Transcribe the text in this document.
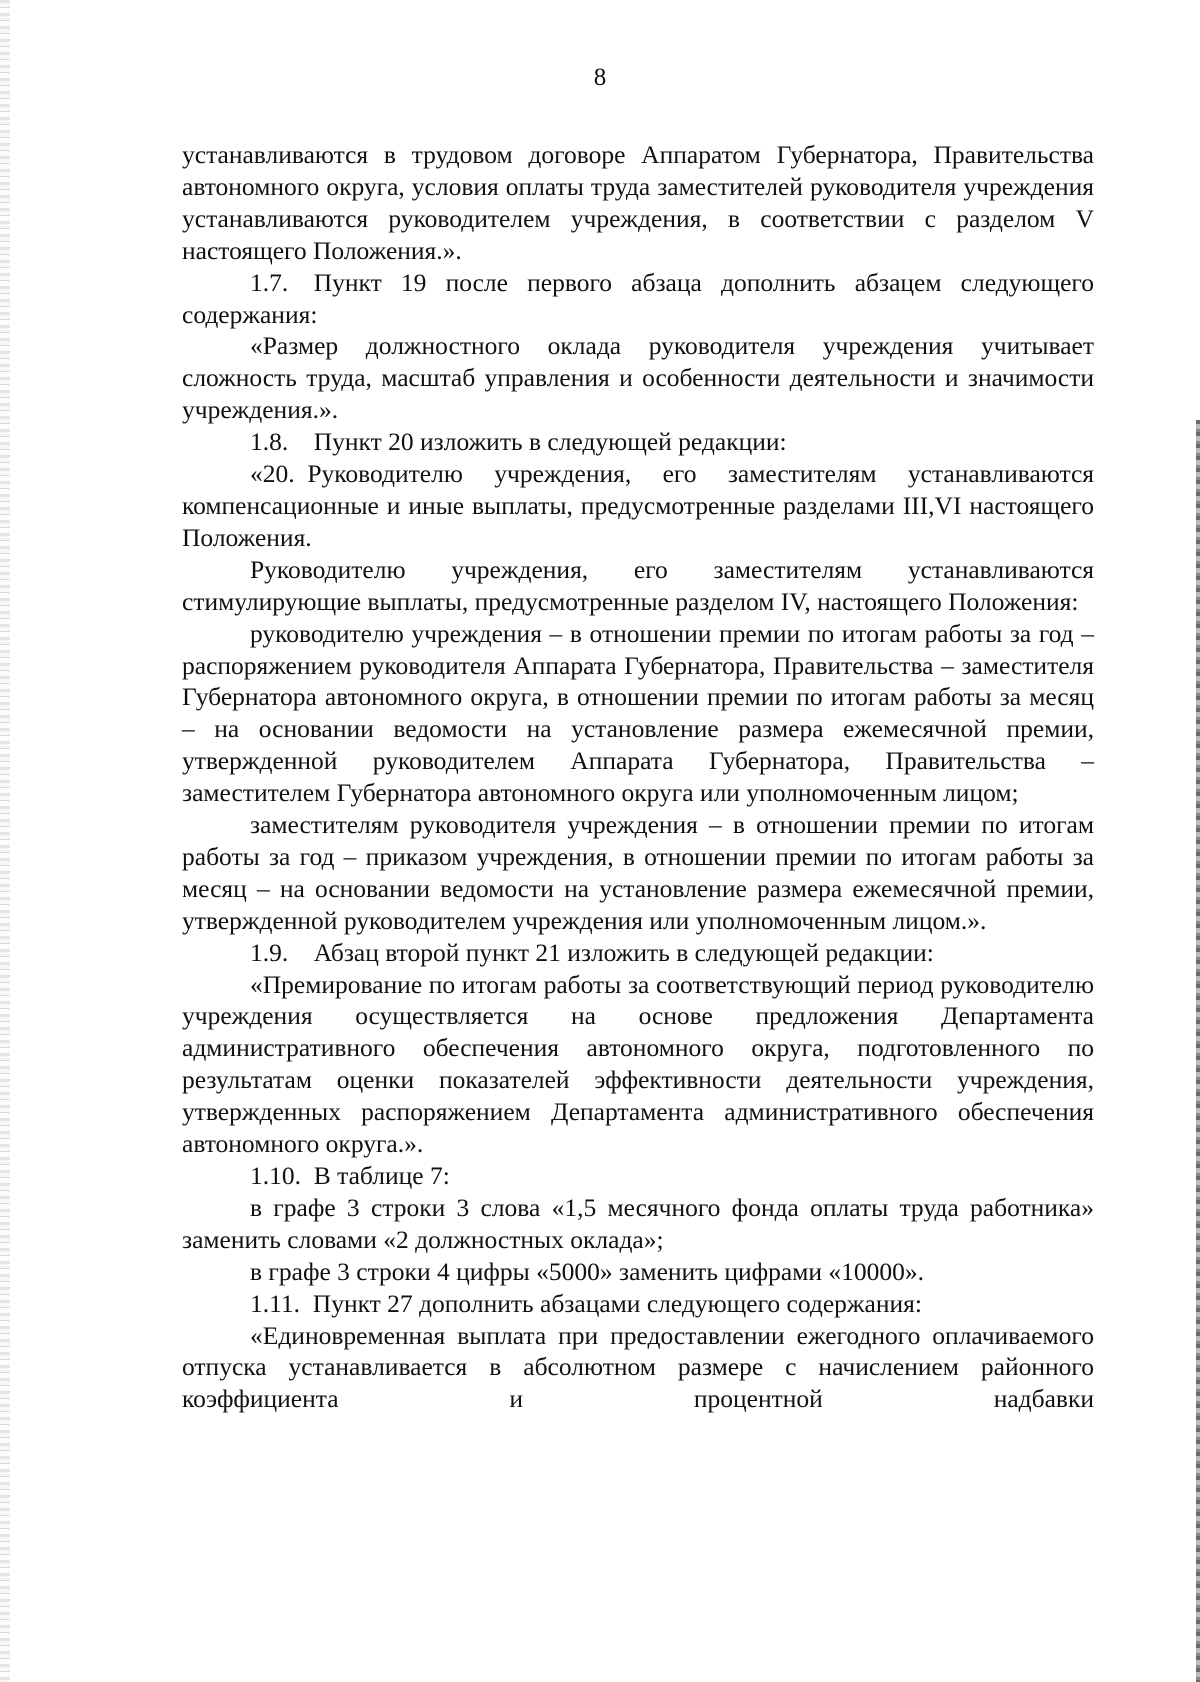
8

устанавливаются в трудовом договоре Аппаратом Губернатора, Правительства автономного округа, условия оплаты труда заместителей руководителя учреждения устанавливаются руководителем учреждения, в соответствии с разделом V настоящего Положения.».

1.7. Пункт 19 после первого абзаца дополнить абзацем следующего содержания:

«Размер должностного оклада руководителя учреждения учитывает сложность труда, масштаб управления и особенности деятельности и значимости учреждения.».

1.8. Пункт 20 изложить в следующей редакции:

«20. Руководителю учреждения, его заместителям устанавливаются компенсационные и иные выплаты, предусмотренные разделами III,VI настоящего Положения.

Руководителю учреждения, его заместителям устанавливаются стимулирующие выплаты, предусмотренные разделом IV, настоящего Положения:

руководителю учреждения – в отношении премии по итогам работы за год – распоряжением руководителя Аппарата Губернатора, Правительства – заместителя Губернатора автономного округа, в отношении премии по итогам работы за месяц – на основании ведомости на установление размера ежемесячной премии, утвержденной руководителем Аппарата Губернатора, Правительства – заместителем Губернатора автономного округа или уполномоченным лицом;

заместителям руководителя учреждения – в отношении премии по итогам работы за год – приказом учреждения, в отношении премии по итогам работы за месяц – на основании ведомости на установление размера ежемесячной премии, утвержденной руководителем учреждения или уполномоченным лицом.».

1.9. Абзац второй пункт 21 изложить в следующей редакции:

«Премирование по итогам работы за соответствующий период руководителю учреждения осуществляется на основе предложения Департамента административного обеспечения автономного округа, подготовленного по результатам оценки показателей эффективности деятельности учреждения, утвержденных распоряжением Департамента административного обеспечения автономного округа.».

1.10. В таблице 7:

в графе 3 строки 3 слова «1,5 месячного фонда оплаты труда работника» заменить словами «2 должностных оклада»;

в графе 3 строки 4 цифры «5000» заменить цифрами «10000».

1.11. Пункт 27 дополнить абзацами следующего содержания:

«Единовременная выплата при предоставлении ежегодного оплачиваемого отпуска устанавливается в абсолютном размере с начислением районного коэффициента и процентной надбавки
